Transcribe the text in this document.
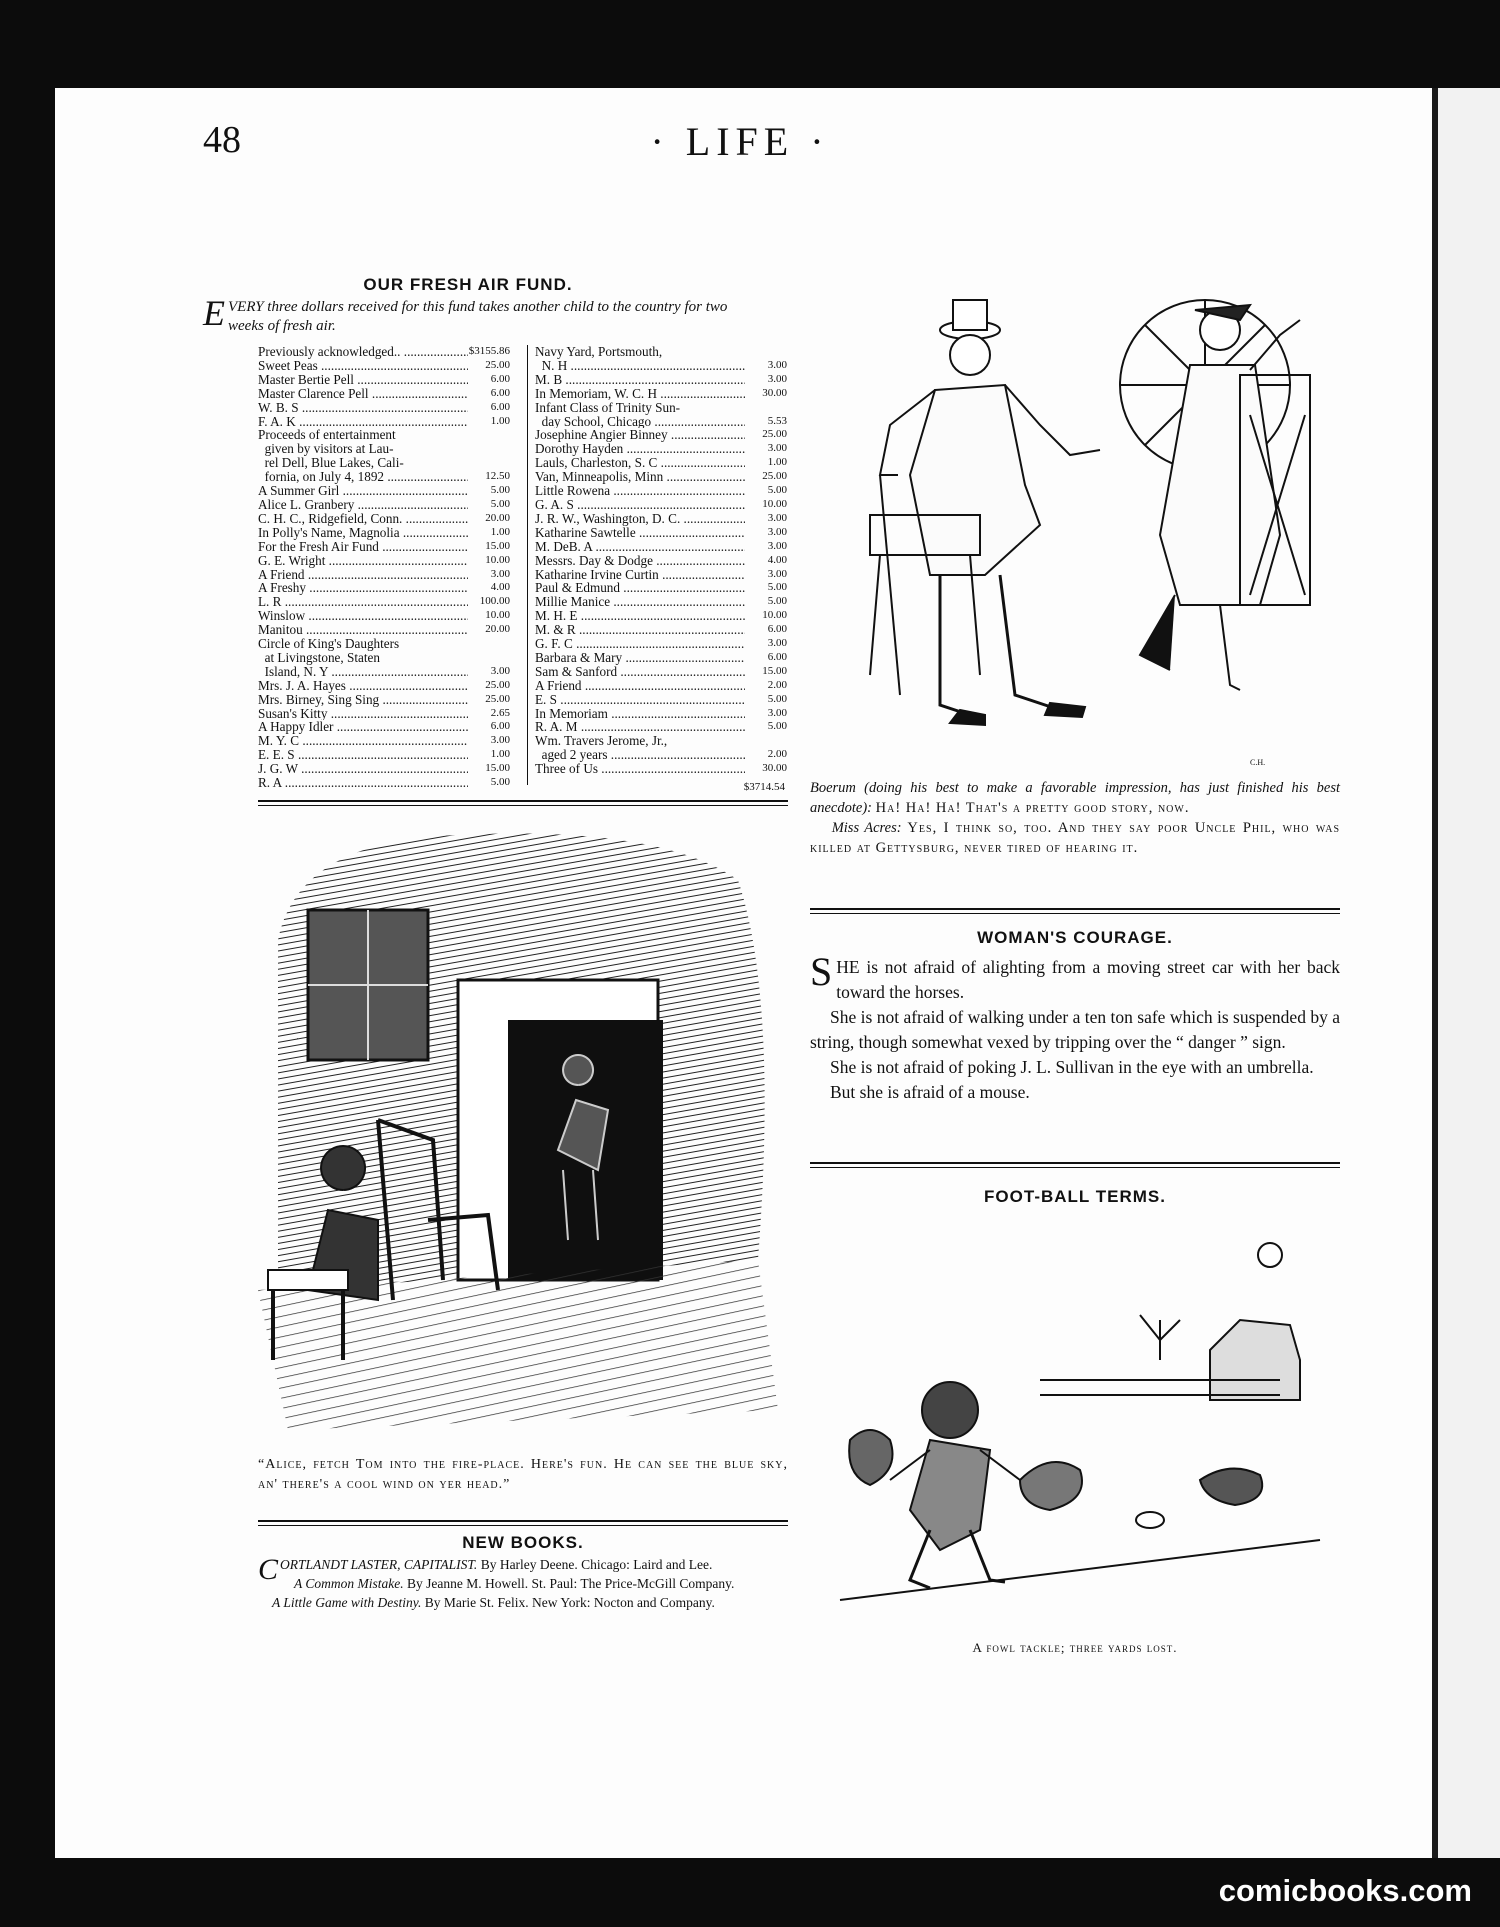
48	· LIFE ·
OUR FRESH AIR FUND.
E VERY three dollars received for this fund takes another child to the country for two weeks of fresh air.
Previously acknowledged.. .....	$3155.86
Sweet Peas .....	25.00
Master Bertie Pell .....	6.00
Master Clarence Pell .....	6.00
W. B. S .....	6.00
F. A. K .....	1.00
Proceeds of entertainment
given by visitors at Lau-
rel Dell, Blue Lakes, Cali-
fornia, on July 4, 1892 .....	12.50
A Summer Girl .....	5.00
Alice L. Granbery .....	5.00
C. H. C., Ridgefield, Conn. .....	20.00
In Polly's Name, Magnolia .....	1.00
For the Fresh Air Fund .....	15.00
G. E. Wright .....	10.00
A Friend .....	3.00
A Freshy .....	4.00
L. R .....	100.00
Winslow .....	10.00
Manitou .....	20.00
Circle of King's Daughters
at Livingstone, Staten
Island, N. Y .....	3.00
Mrs. J. A. Hayes .....	25.00
Mrs. Birney, Sing Sing .....	25.00
Susan's Kitty .....	2.65
A Happy Idler .....	6.00
M. Y. C .....	3.00
E. E. S .....	1.00
J. G. W .....	15.00
R. A .....	5.00
Navy Yard, Portsmouth,
N. H .....	3.00
M. B .....	3.00
In Memoriam, W. C. H .....	30.00
Infant Class of Trinity Sun-
day School, Chicago .....	5.53
Josephine Angier Binney .....	25.00
Dorothy Hayden .....	3.00
Lauls, Charleston, S. C .....	1.00
Van, Minneapolis, Minn .....	25.00
Little Rowena .....	5.00
G. A. S .....	10.00
J. R. W., Washington, D. C. .....	3.00
Katharine Sawtelle .....	3.00
M. DeB. A .....	3.00
Messrs. Day & Dodge .....	4.00
Katharine Irvine Curtin .....	3.00
Paul & Edmund .....	5.00
Millie Manice .....	5.00
M. H. E .....	10.00
M. & R .....	6.00
G. F. C .....	3.00
Barbara & Mary .....	6.00
Sam & Sanford .....	15.00
A Friend .....	2.00
E. S .....	5.00
In Memoriam .....	3.00
R. A. M .....	5.00
Wm. Travers Jerome, Jr.,
aged 2 years .....	2.00
Three of Us .....	30.00
$3714.54
C.H.
Boerum (doing his best to make a favorable impression, has just finished his best anecdote): Ha! Ha! Ha! That's a pretty good story, now.
Miss Acres: Yes, I think so, too. And they say poor Uncle Phil, who was killed at Gettysburg, never tired of hearing it.
“Alice, fetch Tom into the fire-place. Here's fun. He can see the blue sky, an' there's a cool wind on yer head.”
WOMAN'S COURAGE.

SHE is not afraid of alighting from a moving street car with her back toward the horses.

She is not afraid of walking under a ten ton safe which is suspended by a string, though somewhat vexed by tripping over the “ danger ” sign.

She is not afraid of poking J. L. Sullivan in the eye with an umbrella.

But she is afraid of a mouse.

NEW BOOKS.

CORTLANDT LASTER, CAPITALIST. By Harley Deene. Chicago: Laird and Lee.

A Common Mistake. By Jeanne M. Howell. St. Paul: The Price-McGill Company.

A Little Game with Destiny. By Marie St. Felix. New York: Nocton and Company.

FOOT-BALL TERMS.
A fowl tackle; three yards lost.
comicbooks.com
